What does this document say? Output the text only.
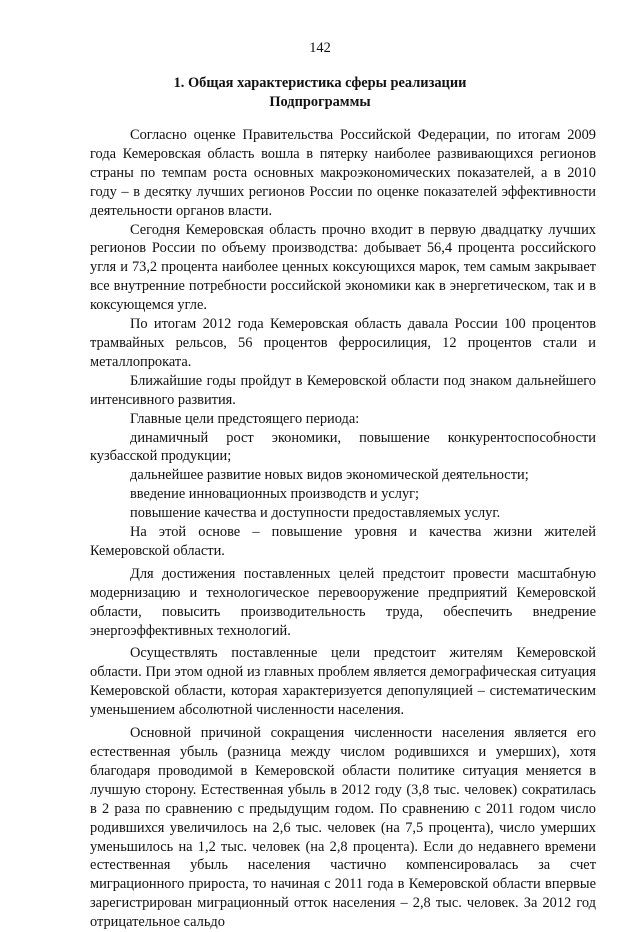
142
1. Общая характеристика сферы реализации
Подпрограммы

Согласно оценке Правительства Российской Федерации, по итогам 2009 года Кемеровская область вошла в пятерку наиболее развивающихся регионов страны по темпам роста основных макроэкономических показателей, а в 2010 году – в десятку лучших регионов России по оценке показателей эффективности деятельности органов власти.

Сегодня Кемеровская область прочно входит в первую двадцатку лучших регионов России по объему производства: добывает 56,4 процента российского угля и 73,2 процента наиболее ценных коксующихся марок, тем самым закрывает все внутренние потребности российской экономики как в энергетическом, так и в коксующемся угле.

По итогам 2012 года Кемеровская область давала России 100 процентов трамвайных рельсов, 56 процентов ферросилиция, 12 процентов стали и металлопроката.

Ближайшие годы пройдут в Кемеровской области под знаком дальнейшего интенсивного развития.

Главные цели предстоящего периода:

динамичный рост экономики, повышение конкурентоспособности кузбасской продукции;

дальнейшее развитие новых видов экономической деятельности;

введение инновационных производств и услуг;

повышение качества и доступности предоставляемых услуг.

На этой основе – повышение уровня и качества жизни жителей Кемеровской области.

Для достижения поставленных целей предстоит провести масштабную модернизацию и технологическое перевооружение предприятий Кемеровской области, повысить производительность труда, обеспечить внедрение энергоэффективных технологий.

Осуществлять поставленные цели предстоит жителям Кемеровской области. При этом одной из главных проблем является демографическая ситуация Кемеровской области, которая характеризуется депопуляцией – систематическим уменьшением абсолютной численности населения.

Основной причиной сокращения численности населения является его естественная убыль (разница между числом родившихся и умерших), хотя благодаря проводимой в Кемеровской области политике ситуация меняется в лучшую сторону. Естественная убыль в 2012 году (3,8 тыс. человек) сократилась в 2 раза по сравнению с предыдущим годом. По сравнению с 2011 годом число родившихся увеличилось на 2,6 тыс. человек (на 7,5 процента), число умерших уменьшилось на 1,2 тыс. человек (на 2,8 процента). Если до недавнего времени естественная убыль населения частично компенсировалась за счет миграционного прироста, то начиная с 2011 года в Кемеровской области впервые зарегистрирован миграционный отток населения – 2,8 тыс. человек. За 2012 год отрицательное сальдо
